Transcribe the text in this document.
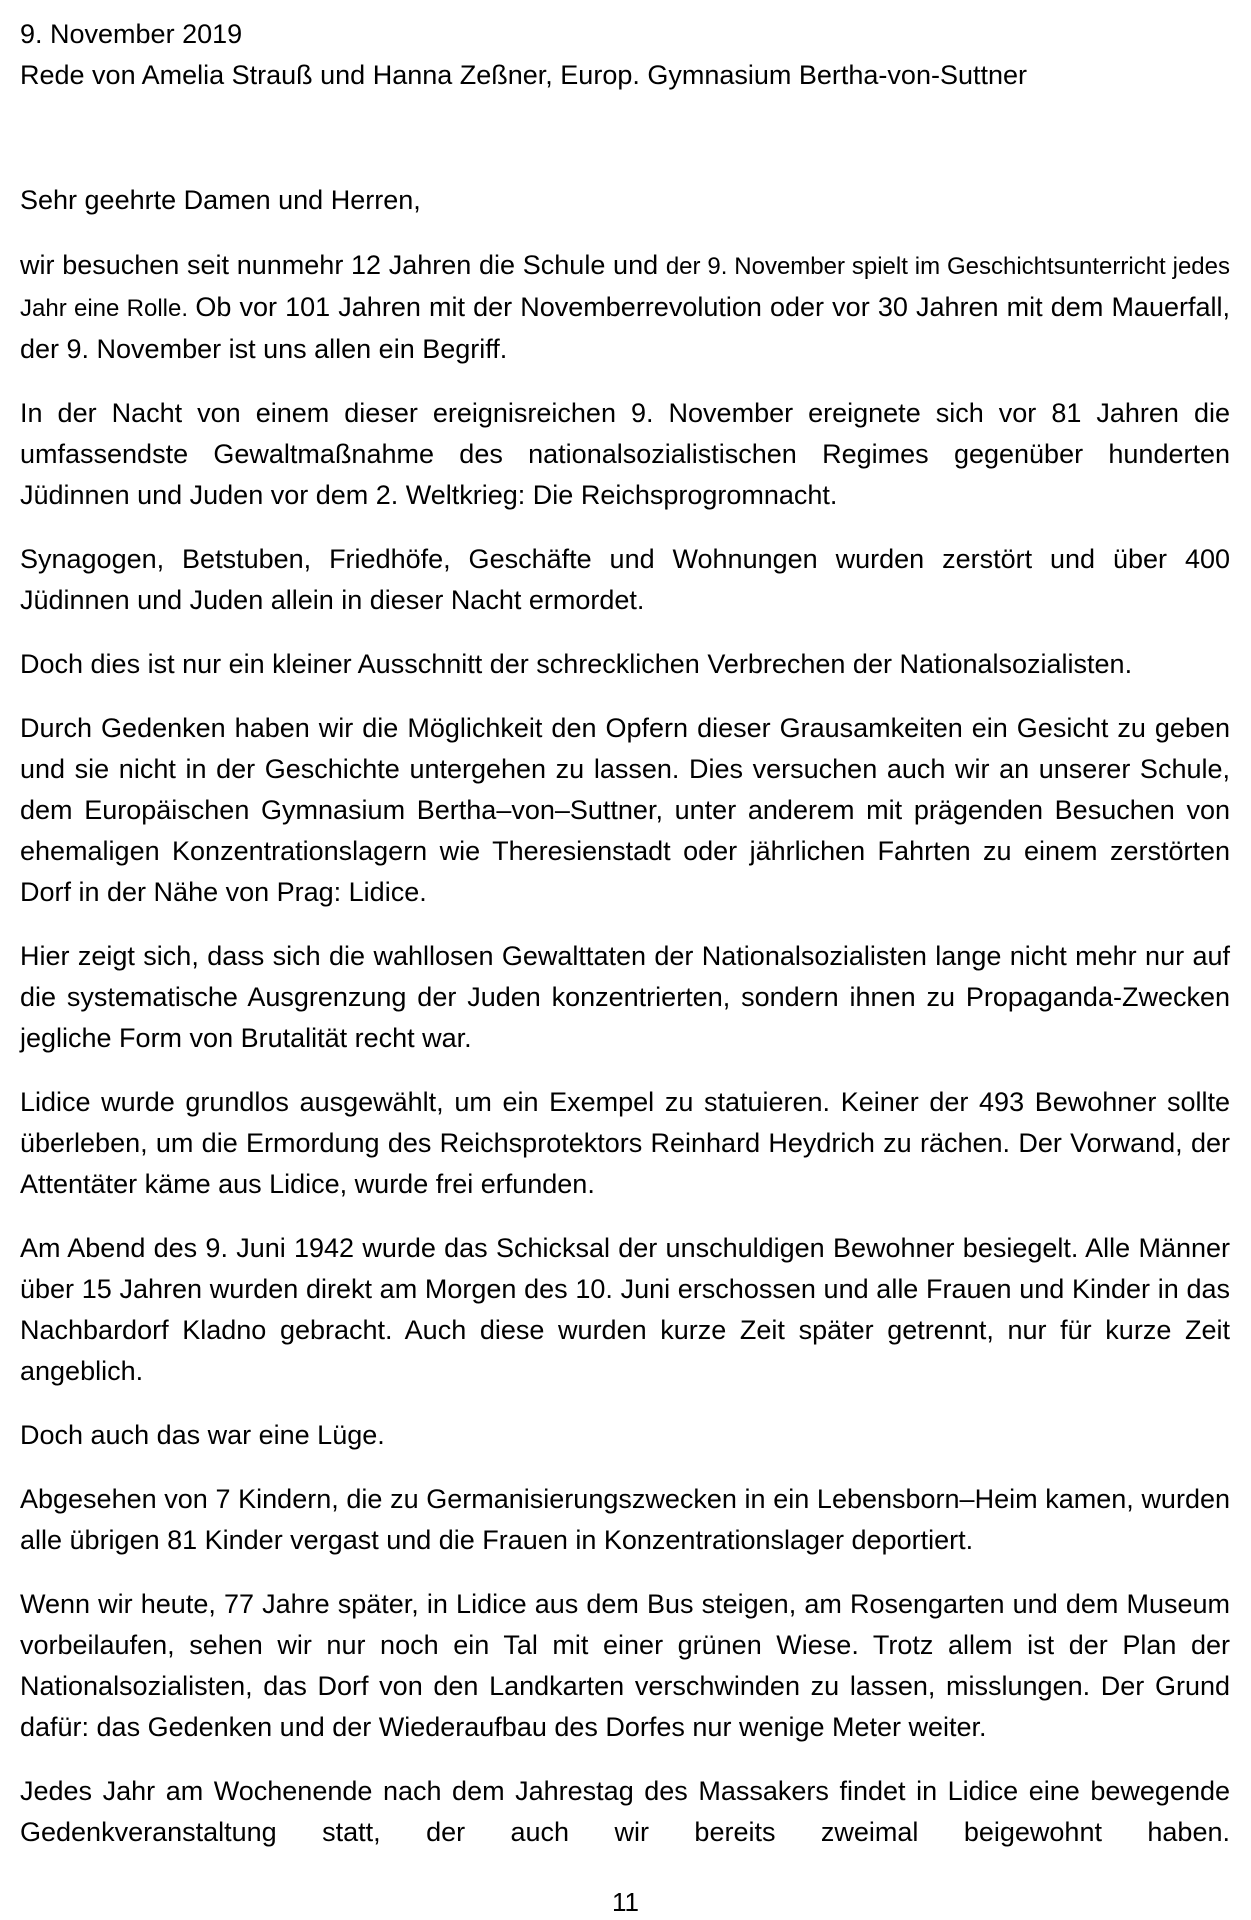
9. November 2019

Rede von Amelia Strauß und Hanna Zeßner, Europ. Gymnasium Bertha-von-Suttner

Sehr geehrte Damen und Herren,

wir besuchen seit nunmehr 12 Jahren die Schule und der 9. November spielt im Geschichtsunterricht jedes Jahr eine Rolle. Ob vor 101 Jahren mit der Novemberrevolution oder vor 30 Jahren mit dem Mauerfall, der 9. November ist uns allen ein Begriff.

In der Nacht von einem dieser ereignisreichen 9. November ereignete sich vor 81 Jahren die umfassendste Gewaltmaßnahme des nationalsozialistischen Regimes gegenüber hunderten Jüdinnen und Juden vor dem 2. Weltkrieg: Die Reichsprogromnacht.

Synagogen, Betstuben, Friedhöfe, Geschäfte und Wohnungen wurden zerstört und über 400 Jüdinnen und Juden allein in dieser Nacht ermordet.

Doch dies ist nur ein kleiner Ausschnitt der schrecklichen Verbrechen der Nationalsozialisten.

Durch Gedenken haben wir die Möglichkeit den Opfern dieser Grausamkeiten ein Gesicht zu geben und sie nicht in der Geschichte untergehen zu lassen. Dies versuchen auch wir an unserer Schule, dem Europäischen Gymnasium Bertha–von–Suttner, unter anderem mit prägenden Besuchen von ehemaligen Konzentrationslagern wie Theresienstadt oder jährlichen Fahrten zu einem zerstörten Dorf in der Nähe von Prag: Lidice.

Hier zeigt sich, dass sich die wahllosen Gewalttaten der Nationalsozialisten lange nicht mehr nur auf die systematische Ausgrenzung der Juden konzentrierten, sondern ihnen zu Propaganda-Zwecken jegliche Form von Brutalität recht war.

Lidice wurde grundlos ausgewählt, um ein Exempel zu statuieren. Keiner der 493 Bewohner sollte überleben, um die Ermordung des Reichsprotektors Reinhard Heydrich zu rächen. Der Vorwand, der Attentäter käme aus Lidice, wurde frei erfunden.

Am Abend des 9. Juni 1942 wurde das Schicksal der unschuldigen Bewohner besiegelt. Alle Männer über 15 Jahren wurden direkt am Morgen des 10. Juni erschossen und alle Frauen und Kinder in das Nachbardorf Kladno gebracht. Auch diese wurden kurze Zeit später getrennt, nur für kurze Zeit angeblich.

Doch auch das war eine Lüge.

Abgesehen von 7 Kindern, die zu Germanisierungszwecken in ein Lebensborn–Heim kamen, wurden alle übrigen 81 Kinder vergast und die Frauen in Konzentrationslager deportiert.

Wenn wir heute, 77 Jahre später, in Lidice aus dem Bus steigen, am Rosengarten und dem Museum vorbeilaufen, sehen wir nur noch ein Tal mit einer grünen Wiese. Trotz allem ist der Plan der Nationalsozialisten, das Dorf von den Landkarten verschwinden zu lassen, misslungen. Der Grund dafür: das Gedenken und der Wiederaufbau des Dorfes nur wenige Meter weiter.

Jedes Jahr am Wochenende nach dem Jahrestag des Massakers findet in Lidice eine bewegende Gedenkveranstaltung statt, der auch wir bereits zweimal beigewohnt haben.

11
